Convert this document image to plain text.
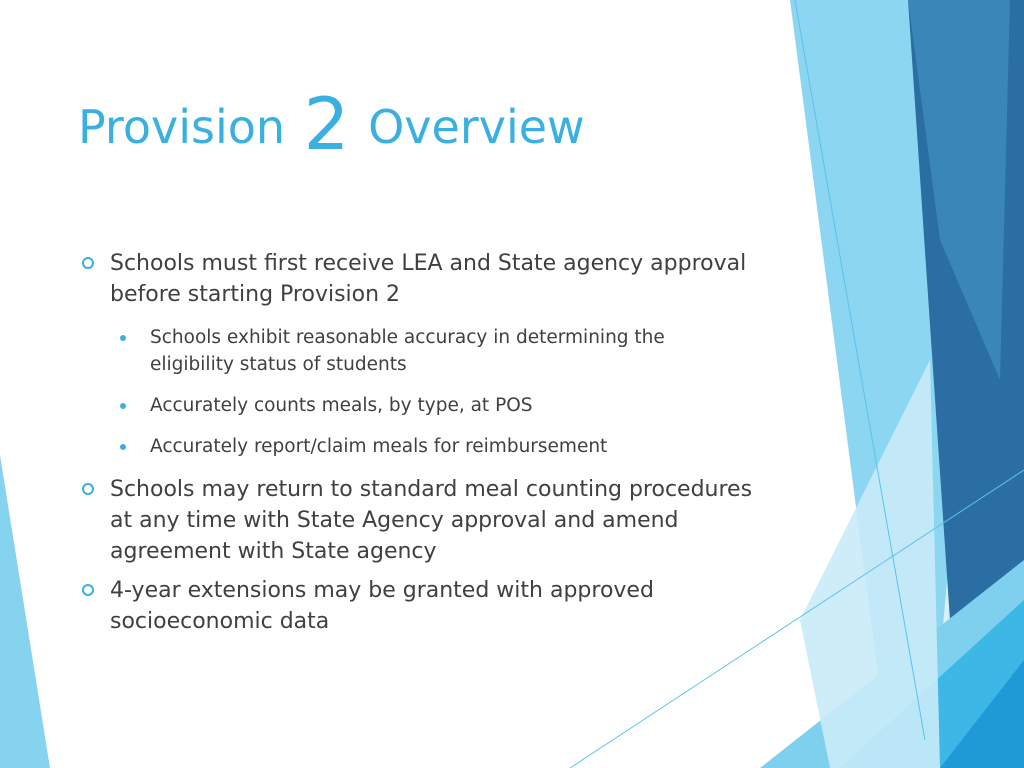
Provision 2 Overview
Schools must first receive LEA and State agency approval before starting Provision 2
Schools exhibit reasonable accuracy in determining the eligibility status of students
Accurately counts meals, by type, at POS
Accurately report/claim meals for reimbursement
Schools may return to standard meal counting procedures at any time with State Agency approval and amend agreement with State agency
4-year extensions may be granted with approved socioeconomic data
